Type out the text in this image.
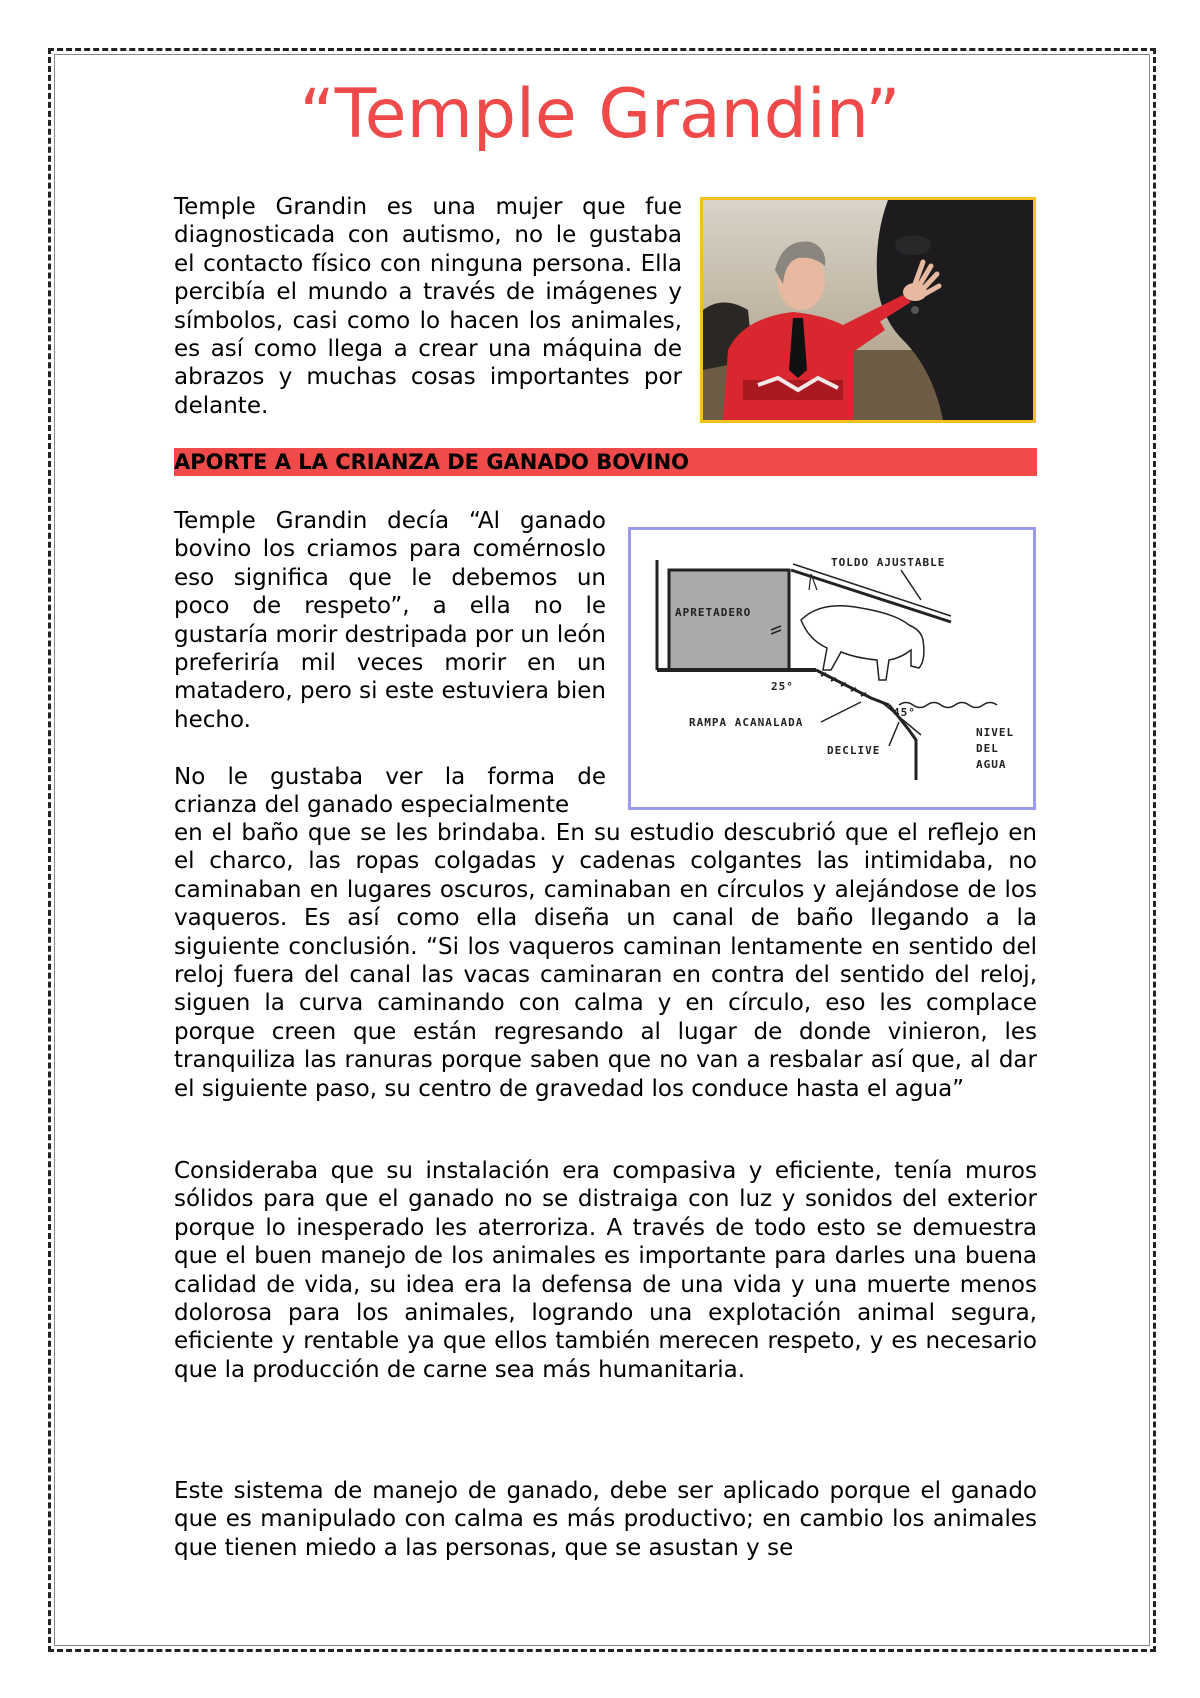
“Temple Grandin”

Temple Grandin es una mujer que fue diagnosticada con autismo, no le gustaba el contacto físico con ninguna persona. Ella percibía el mundo a través de imágenes y símbolos, casi como lo hacen los animales, es así como llega a crear una máquina de abrazos y muchas cosas importantes por delante.

APORTE A LA CRIANZA DE GANADO BOVINO

Temple Grandin decía “Al ganado bovino los criamos para comérnoslo eso significa que le debemos un poco de respeto”, a ella no le gustaría morir destripada por un león preferiría mil veces morir en un matadero, pero si este estuviera bien hecho.

No le gustaba ver la forma de crianza del ganado especialmente

APRETADERO
TOLDO AJUSTABLE
25°
45°
RAMPA ACANALADA
DECLIVE
NIVEL
DEL
AGUA

en el baño que se les brindaba. En su estudio descubrió que el reflejo en el charco, las ropas colgadas y cadenas colgantes las intimidaba, no caminaban en lugares oscuros, caminaban en círculos y alejándose de los vaqueros. Es así como ella diseña un canal de baño llegando a la siguiente conclusión. “Si los vaqueros caminan lentamente en sentido del reloj fuera del canal las vacas caminaran en contra del sentido del reloj, siguen la curva caminando con calma y en círculo, eso les complace porque creen que están regresando al lugar de donde vinieron, les tranquiliza las ranuras porque saben que no van a resbalar así que, al dar el siguiente paso, su centro de gravedad los conduce hasta el agua”

Consideraba que su instalación era compasiva y eficiente, tenía muros sólidos para que el ganado no se distraiga con luz y sonidos del exterior porque lo inesperado les aterroriza. A través de todo esto se demuestra que el buen manejo de los animales es importante para darles una buena calidad de vida, su idea era la defensa de una vida y una muerte menos dolorosa para los animales, logrando una explotación animal segura, eficiente y rentable ya que ellos también merecen respeto, y es necesario que la producción de carne sea más humanitaria.

Este sistema de manejo de ganado, debe ser aplicado porque el ganado que es manipulado con calma es más productivo; en cambio los animales que tienen miedo a las personas, que se asustan y se
